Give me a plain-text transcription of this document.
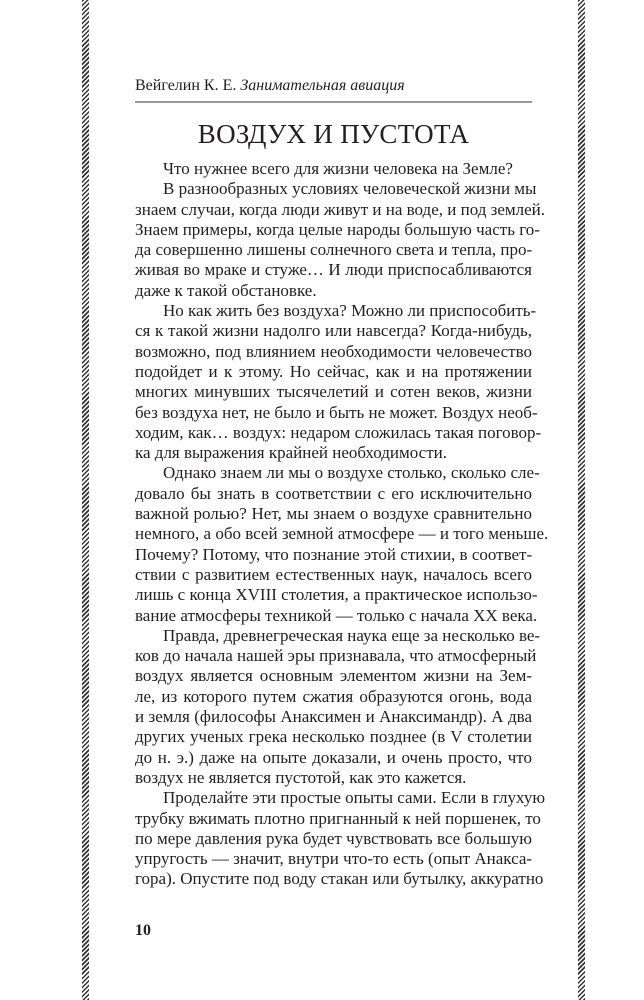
Вейгелин К. Е. Занимательная авиация
ВОЗДУХ И ПУСТОТА
Что нужнее всего для жизни человека на Земле?
В разнообразных условиях человеческой жизни мы
знаем случаи, когда люди живут и на воде, и под землей.
Знаем примеры, когда целые народы большую часть го-
да совершенно лишены солнечного света и тепла, про-
живая во мраке и стуже… И люди приспосабливаются
даже к такой обстановке.
Но как жить без воздуха? Можно ли приспособить-
ся к такой жизни надолго или навсегда? Когда-нибудь,
возможно, под влиянием необходимости человечество
подойдет и к этому. Но сейчас, как и на протяжении
многих минувших тысячелетий и сотен веков, жизни
без воздуха нет, не было и быть не может. Воздух необ-
ходим, как… воздух: недаром сложилась такая поговор-
ка для выражения крайней необходимости.
Однако знаем ли мы о воздухе столько, сколько сле-
довало бы знать в соответствии с его исключительно
важной ролью? Нет, мы знаем о воздухе сравнительно
немного, а обо всей земной атмосфере — и того меньше.
Почему? Потому, что познание этой стихии, в соответ-
ствии с развитием естественных наук, началось всего
лишь с конца XVIII столетия, а практическое использо-
вание атмосферы техникой — только с начала XX века.
Правда, древнегреческая наука еще за несколько ве-
ков до начала нашей эры признавала, что атмосферный
воздух является основным элементом жизни на Зем-
ле, из которого путем сжатия образуются огонь, вода
и земля (философы Анаксимен и Анаксимандр). А два
других ученых грека несколько позднее (в V столетии
до н. э.) даже на опыте доказали, и очень просто, что
воздух не является пустотой, как это кажется.
Проделайте эти простые опыты сами. Если в глухую
трубку вжимать плотно пригнанный к ней поршенек, то
по мере давления рука будет чувствовать все большую
упругость — значит, внутри что-то есть (опыт Анакса-
гора). Опустите под воду стакан или бутылку, аккуратно
10
